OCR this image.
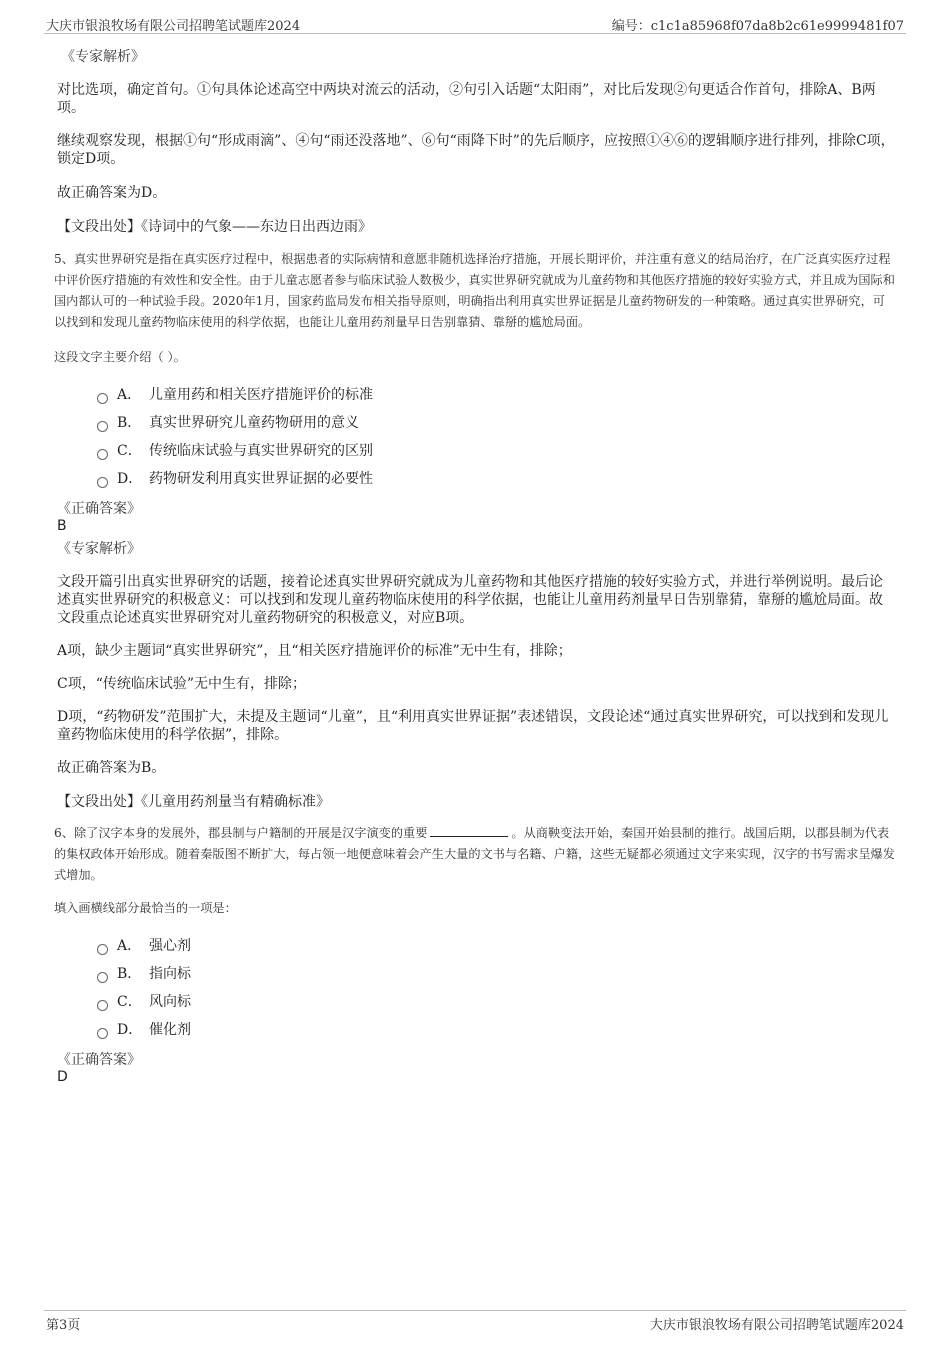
大庆市银浪牧场有限公司招聘笔试题库2024	编号：c1c1a85968f07da8b2c61e9999481f07
《专家解析》

对比选项，确定首句。①句具体论述高空中两块对流云的活动，②句引入话题“太阳雨”，对比后发现②句更适合作首句，排除A、B两项。

继续观察发现，根据①句“形成雨滴”、④句“雨还没落地”、⑥句“雨降下时”的先后顺序，应按照①④⑥的逻辑顺序进行排列，排除C项，锁定D项。

故正确答案为D。

【文段出处】《诗词中的气象——东边日出西边雨》

5、真实世界研究是指在真实医疗过程中，根据患者的实际病情和意愿非随机选择治疗措施，开展长期评价，并注重有意义的结局治疗，在广泛真实医疗过程中评价医疗措施的有效性和安全性。由于儿童志愿者参与临床试验人数极少，真实世界研究就成为儿童药物和其他医疗措施的较好实验方式，并且成为国际和国内都认可的一种试验手段。2020年1月，国家药监局发布相关指导原则，明确指出利用真实世界证据是儿童药物研发的一种策略。通过真实世界研究，可以找到和发现儿童药物临床使用的科学依据，也能让儿童用药剂量早日告别靠猜、靠掰的尴尬局面。

这段文字主要介绍（ ）。

A． 儿童用药和相关医疗措施评价的标准
B． 真实世界研究儿童药物研用的意义
C． 传统临床试验与真实世界研究的区别
D． 药物研发利用真实世界证据的必要性
《正确答案》

B

《专家解析》

文段开篇引出真实世界研究的话题，接着论述真实世界研究就成为儿童药物和其他医疗措施的较好实验方式，并进行举例说明。最后论述真实世界研究的积极意义：可以找到和发现儿童药物临床使用的科学依据，也能让儿童用药剂量早日告别靠猜，靠掰的尴尬局面。故文段重点论述真实世界研究对儿童药物研究的积极意义，对应B项。

A项，缺少主题词“真实世界研究”，且“相关医疗措施评价的标准”无中生有，排除；

C项，“传统临床试验”无中生有，排除；

D项，“药物研发”范围扩大，未提及主题词“儿童”，且“利用真实世界证据”表述错误，文段论述“通过真实世界研究，可以找到和发现儿童药物临床使用的科学依据”，排除。

故正确答案为B。

【文段出处】《儿童用药剂量当有精确标准》

6、除了汉字本身的发展外，郡县制与户籍制的开展是汉字演变的重要	。从商鞅变法开始，秦国开始县制的推行。战国后期，以郡县制为代表的集权政体开始形成。随着秦版图不断扩大，每占领一地便意味着会产生大量的文书与名籍、户籍，这些无疑都必须通过文字来实现，汉字的书写需求呈爆发式增加。

填入画横线部分最恰当的一项是：

A． 强心剂
B． 指向标
C． 风向标
D． 催化剂
《正确答案》

D

第3页	大庆市银浪牧场有限公司招聘笔试题库2024
